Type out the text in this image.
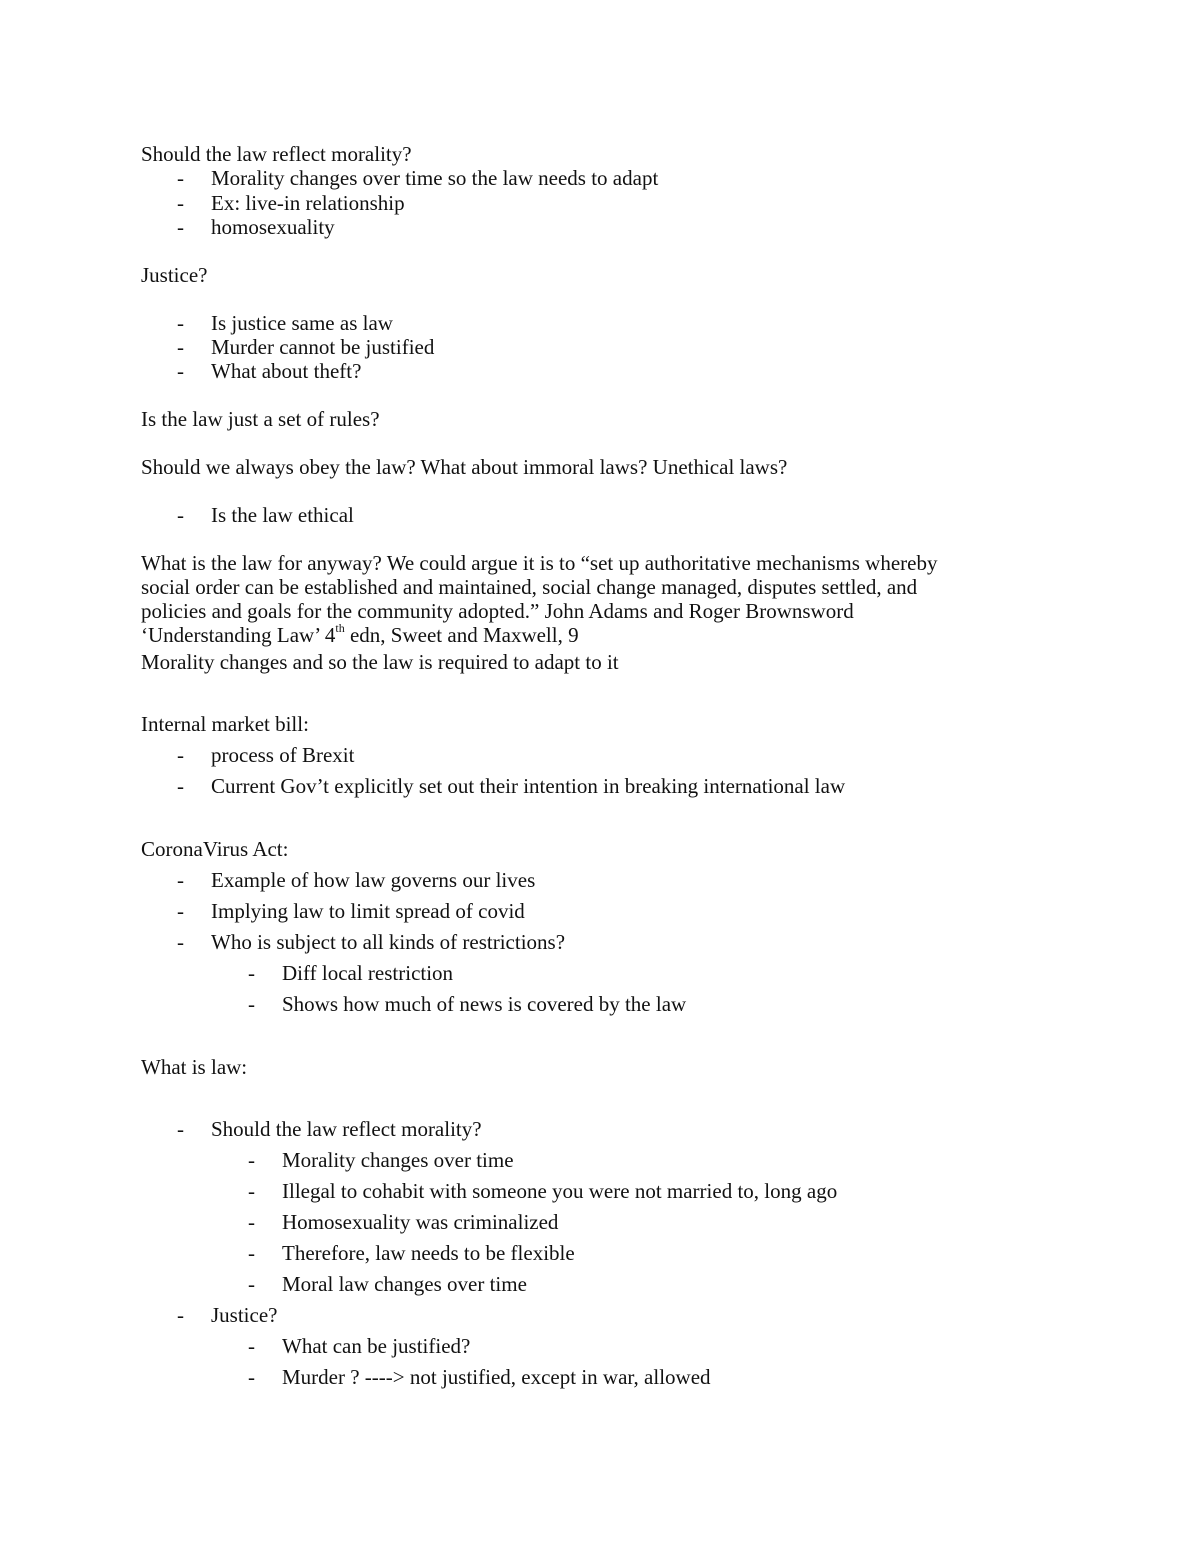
Should the law reflect morality?
- Morality changes over time so the law needs to adapt
- Ex: live-in relationship
- homosexuality
Justice?
- Is justice same as law
- Murder cannot be justified
- What about theft?
Is the law just a set of rules?
Should we always obey the law? What about immoral laws? Unethical laws?
- Is the law ethical
What is the law for anyway? We could argue it is to “set up authoritative mechanisms whereby
social order can be established and maintained, social change managed, disputes settled, and
policies and goals for the community adopted.” John Adams and Roger Brownsword
‘Understanding Law’ 4th edn, Sweet and Maxwell, 9
Morality changes and so the law is required to adapt to it
Internal market bill:
- process of Brexit
- Current Gov’t explicitly set out their intention in breaking international law
CoronaVirus Act:
- Example of how law governs our lives
- Implying law to limit spread of covid
- Who is subject to all kinds of restrictions?
- Diff local restriction
- Shows how much of news is covered by the law
What is law:
- Should the law reflect morality?
- Morality changes over time
- Illegal to cohabit with someone you were not married to, long ago
- Homosexuality was criminalized
- Therefore, law needs to be flexible
- Moral law changes over time
- Justice?
- What can be justified?
- Murder ? ----> not justified, except in war, allowed
